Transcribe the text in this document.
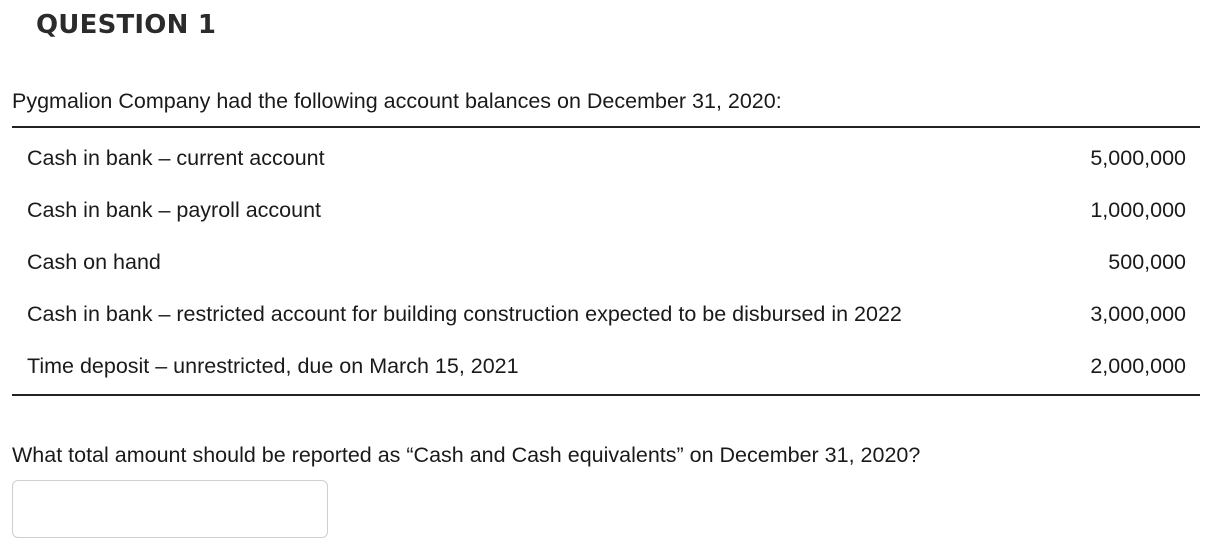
QUESTION 1
Pygmalion Company had the following account balances on December 31, 2020:
Cash in bank – current account	5,000,000
Cash in bank – payroll account	1,000,000
Cash on hand	500,000
Cash in bank – restricted account for building construction expected to be disbursed in 2022	3,000,000
Time deposit – unrestricted, due on March 15, 2021	2,000,000
What total amount should be reported as “Cash and Cash equivalents” on December 31, 2020?
